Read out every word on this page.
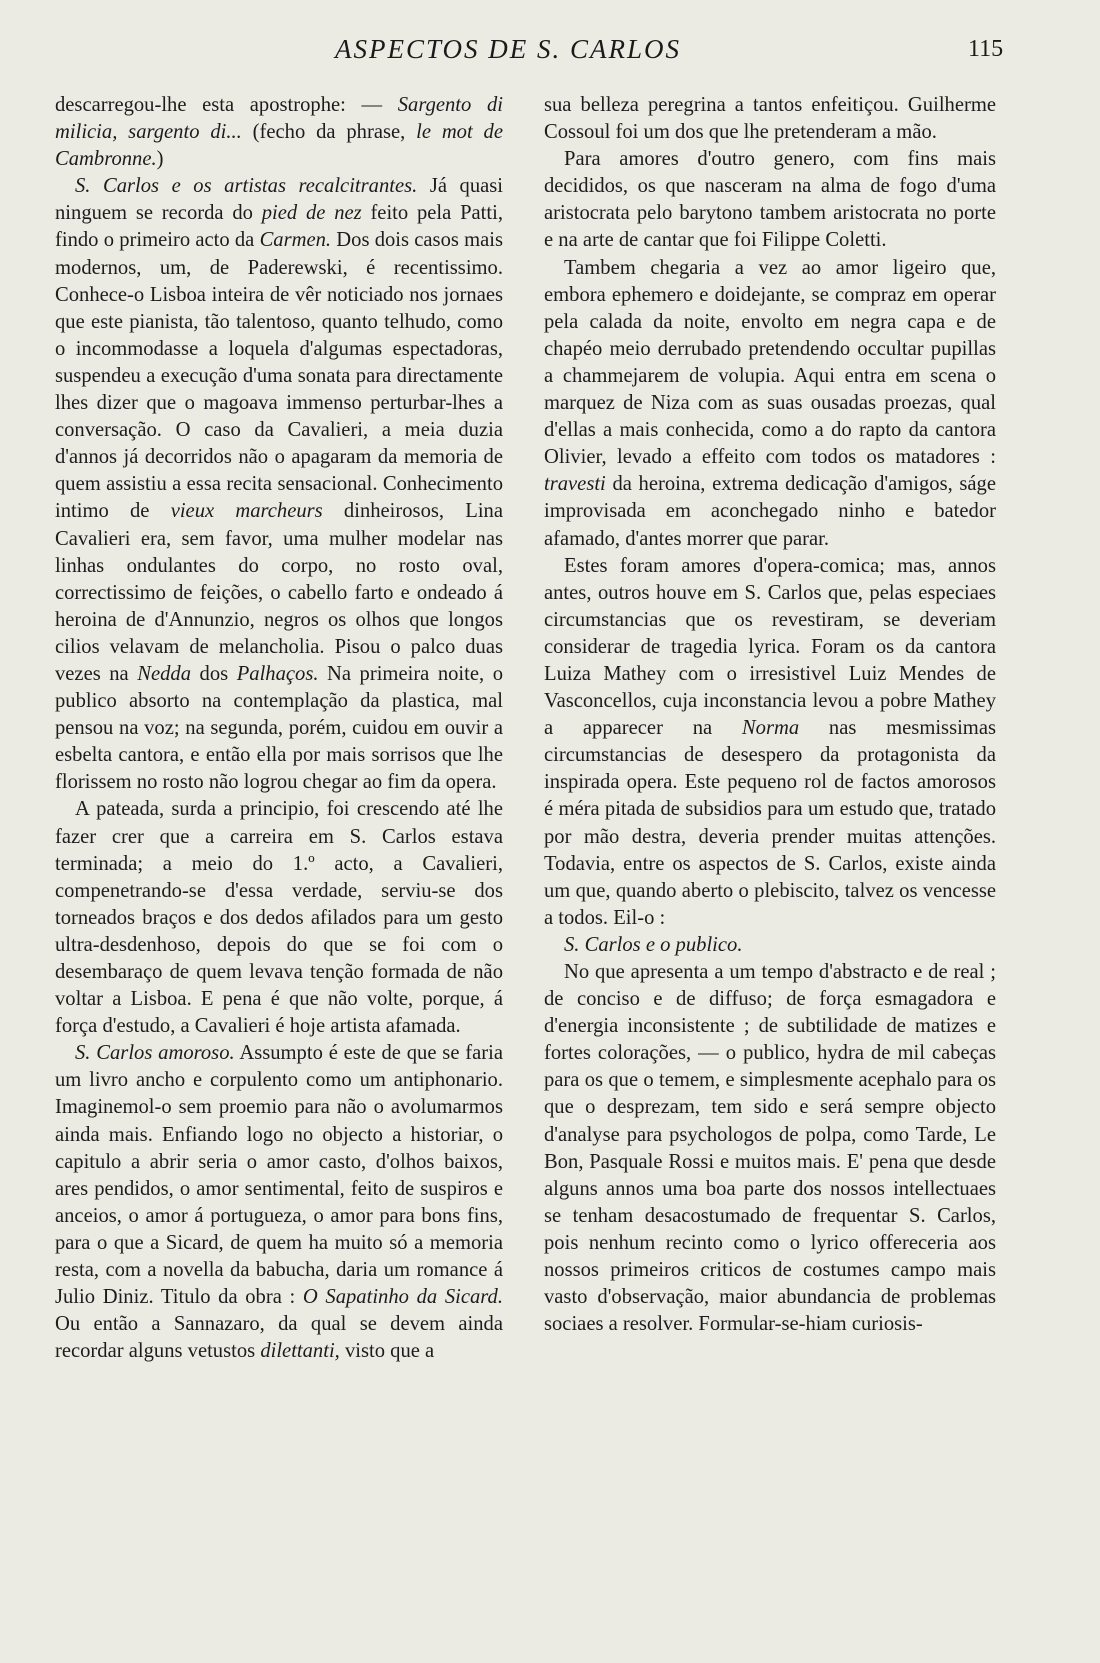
ASPECTOS DE S. CARLOS	115

descarregou-lhe esta apostrophe: — Sargento di milicia, sargento di... (fecho da phrase, le mot de Cambronne.)

S. Carlos e os artistas recalcitrantes. Já quasi ninguem se recorda do pied de nez feito pela Patti, findo o primeiro acto da Carmen. Dos dois casos mais modernos, um, de Paderewski, é recentissimo. Conhece-o Lisboa inteira de vêr noticiado nos jornaes que este pianista, tão talentoso, quanto telhudo, como o incommodasse a loquela d'algumas espectadoras, suspendeu a execução d'uma sonata para directamente lhes dizer que o magoava immenso perturbar-lhes a conversação. O caso da Cavalieri, a meia duzia d'annos já decorridos não o apagaram da memoria de quem assistiu a essa recita sensacional. Conhecimento intimo de vieux marcheurs dinheirosos, Lina Cavalieri era, sem favor, uma mulher modelar nas linhas ondulantes do corpo, no rosto oval, correctissimo de feições, o cabello farto e ondeado á heroina de d'Annunzio, negros os olhos que longos cilios velavam de melancholia. Pisou o palco duas vezes na Nedda dos Palhaços. Na primeira noite, o publico absorto na contemplação da plastica, mal pensou na voz; na segunda, porém, cuidou em ouvir a esbelta cantora, e então ella por mais sorrisos que lhe florissem no rosto não logrou chegar ao fim da opera.

A pateada, surda a principio, foi crescendo até lhe fazer crer que a carreira em S. Carlos estava terminada; a meio do 1.º acto, a Cavalieri, compenetrando-se d'essa verdade, serviu-se dos torneados braços e dos dedos afilados para um gesto ultra-desdenhoso, depois do que se foi com o desembaraço de quem levava tenção formada de não voltar a Lisboa. E pena é que não volte, porque, á força d'estudo, a Cavalieri é hoje artista afamada.

S. Carlos amoroso. Assumpto é este de que se faria um livro ancho e corpulento como um antiphonario. Imaginemol-o sem proemio para não o avolumarmos ainda mais. Enfiando logo no objecto a historiar, o capitulo a abrir seria o amor casto, d'olhos baixos, ares pendidos, o amor sentimental, feito de suspiros e anceios, o amor á portugueza, o amor para bons fins, para o que a Sicard, de quem ha muito só a memoria resta, com a novella da babucha, daria um romance á Julio Diniz. Titulo da obra : O Sapatinho da Sicard. Ou então a Sannazaro, da qual se devem ainda recordar alguns vetustos dilettanti, visto que a

sua belleza peregrina a tantos enfeitiçou. Guilherme Cossoul foi um dos que lhe pretenderam a mão.

Para amores d'outro genero, com fins mais decididos, os que nasceram na alma de fogo d'uma aristocrata pelo barytono tambem aristocrata no porte e na arte de cantar que foi Filippe Coletti.

Tambem chegaria a vez ao amor ligeiro que, embora ephemero e doidejante, se compraz em operar pela calada da noite, envolto em negra capa e de chapéo meio derrubado pretendendo occultar pupillas a chammejarem de volupia. Aqui entra em scena o marquez de Niza com as suas ousadas proezas, qual d'ellas a mais conhecida, como a do rapto da cantora Olivier, levado a effeito com todos os matadores : travesti da heroina, extrema dedicação d'amigos, ságe improvisada em aconchegado ninho e batedor afamado, d'antes morrer que parar.

Estes foram amores d'opera-comica; mas, annos antes, outros houve em S. Carlos que, pelas especiaes circumstancias que os revestiram, se deveriam considerar de tragedia lyrica. Foram os da cantora Luiza Mathey com o irresistivel Luiz Mendes de Vasconcellos, cuja inconstancia levou a pobre Mathey a apparecer na Norma nas mesmissimas circumstancias de desespero da protagonista da inspirada opera. Este pequeno rol de factos amorosos é méra pitada de subsidios para um estudo que, tratado por mão destra, deveria prender muitas attenções. Todavia, entre os aspectos de S. Carlos, existe ainda um que, quando aberto o plebiscito, talvez os vencesse a todos. Eil-o :

S. Carlos e o publico.

No que apresenta a um tempo d'abstracto e de real ; de conciso e de diffuso; de força esmagadora e d'energia inconsistente ; de subtilidade de matizes e fortes colorações, — o publico, hydra de mil cabeças para os que o temem, e simplesmente acephalo para os que o desprezam, tem sido e será sempre objecto d'analyse para psychologos de polpa, como Tarde, Le Bon, Pasquale Rossi e muitos mais. E' pena que desde alguns annos uma boa parte dos nossos intellectuaes se tenham desacostumado de frequentar S. Carlos, pois nenhum recinto como o lyrico offereceria aos nossos primeiros criticos de costumes campo mais vasto d'observação, maior abundancia de problemas sociaes a resolver. Formular-se-hiam curiosis-
